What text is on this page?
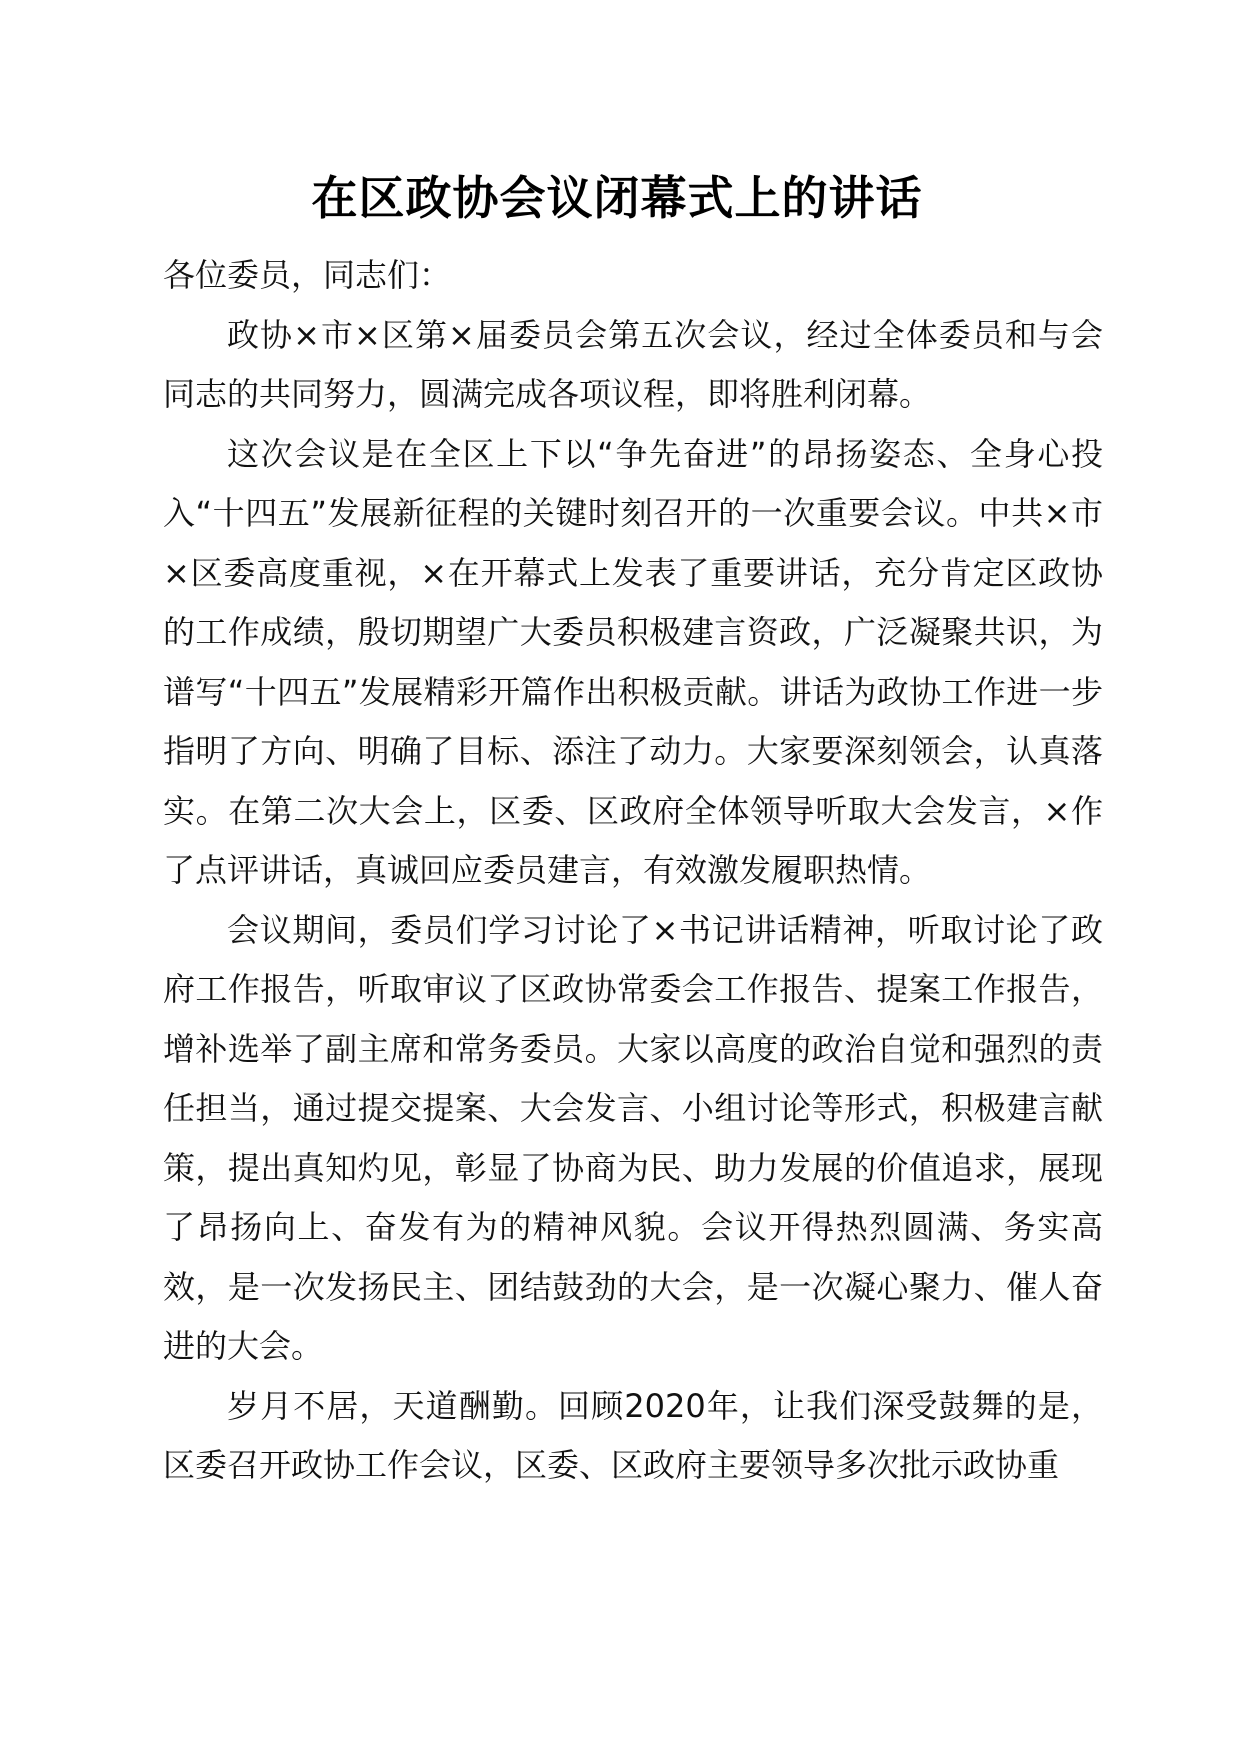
在区政协会议闭幕式上的讲话

各位委员，同志们：

政协×市×区第×届委员会第五次会议，经过全体委员和与会同志的共同努力，圆满完成各项议程，即将胜利闭幕。

这次会议是在全区上下以“争先奋进”的昂扬姿态、全身心投入“十四五”发展新征程的关键时刻召开的一次重要会议。中共×市×区委高度重视，×在开幕式上发表了重要讲话，充分肯定区政协的工作成绩，殷切期望广大委员积极建言资政，广泛凝聚共识，为谱写“十四五”发展精彩开篇作出积极贡献。讲话为政协工作进一步指明了方向、明确了目标、添注了动力。大家要深刻领会，认真落实。在第二次大会上，区委、区政府全体领导听取大会发言，×作了点评讲话，真诚回应委员建言，有效激发履职热情。

会议期间，委员们学习讨论了×书记讲话精神，听取讨论了政府工作报告，听取审议了区政协常委会工作报告、提案工作报告，增补选举了副主席和常务委员。大家以高度的政治自觉和强烈的责任担当，通过提交提案、大会发言、小组讨论等形式，积极建言献策，提出真知灼见，彰显了协商为民、助力发展的价值追求，展现了昂扬向上、奋发有为的精神风貌。会议开得热烈圆满、务实高效，是一次发扬民主、团结鼓劲的大会，是一次凝心聚力、催人奋进的大会。

岁月不居，天道酬勤。回顾2020年，让我们深受鼓舞的是，区委召开政协工作会议，区委、区政府主要领导多次批示政协重
